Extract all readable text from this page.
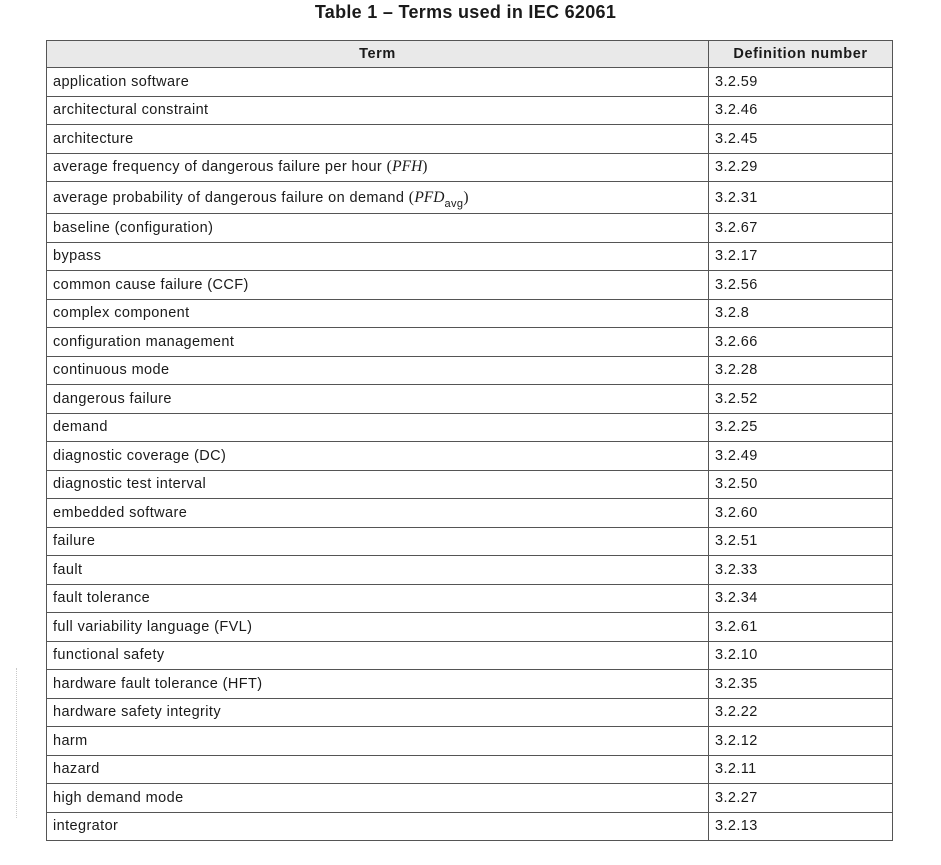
Table 1 – Terms used in IEC 62061
Term	Definition number
application software	3.2.59
architectural constraint	3.2.46
architecture	3.2.45
average frequency of dangerous failure per hour (PFH)	3.2.29
average probability of dangerous failure on demand $(PFD_{avg})$	3.2.31
baseline (configuration)	3.2.67
bypass	3.2.17
common cause failure (CCF)	3.2.56
complex component	3.2.8
configuration management	3.2.66
continuous mode	3.2.28
dangerous failure	3.2.52
demand	3.2.25
diagnostic coverage (DC)	3.2.49
diagnostic test interval	3.2.50
embedded software	3.2.60
failure	3.2.51
fault	3.2.33
fault tolerance	3.2.34
full variability language (FVL)	3.2.61
functional safety	3.2.10
hardware fault tolerance (HFT)	3.2.35
hardware safety integrity	3.2.22
harm	3.2.12
hazard	3.2.11
high demand mode	3.2.27
integrator	3.2.13
